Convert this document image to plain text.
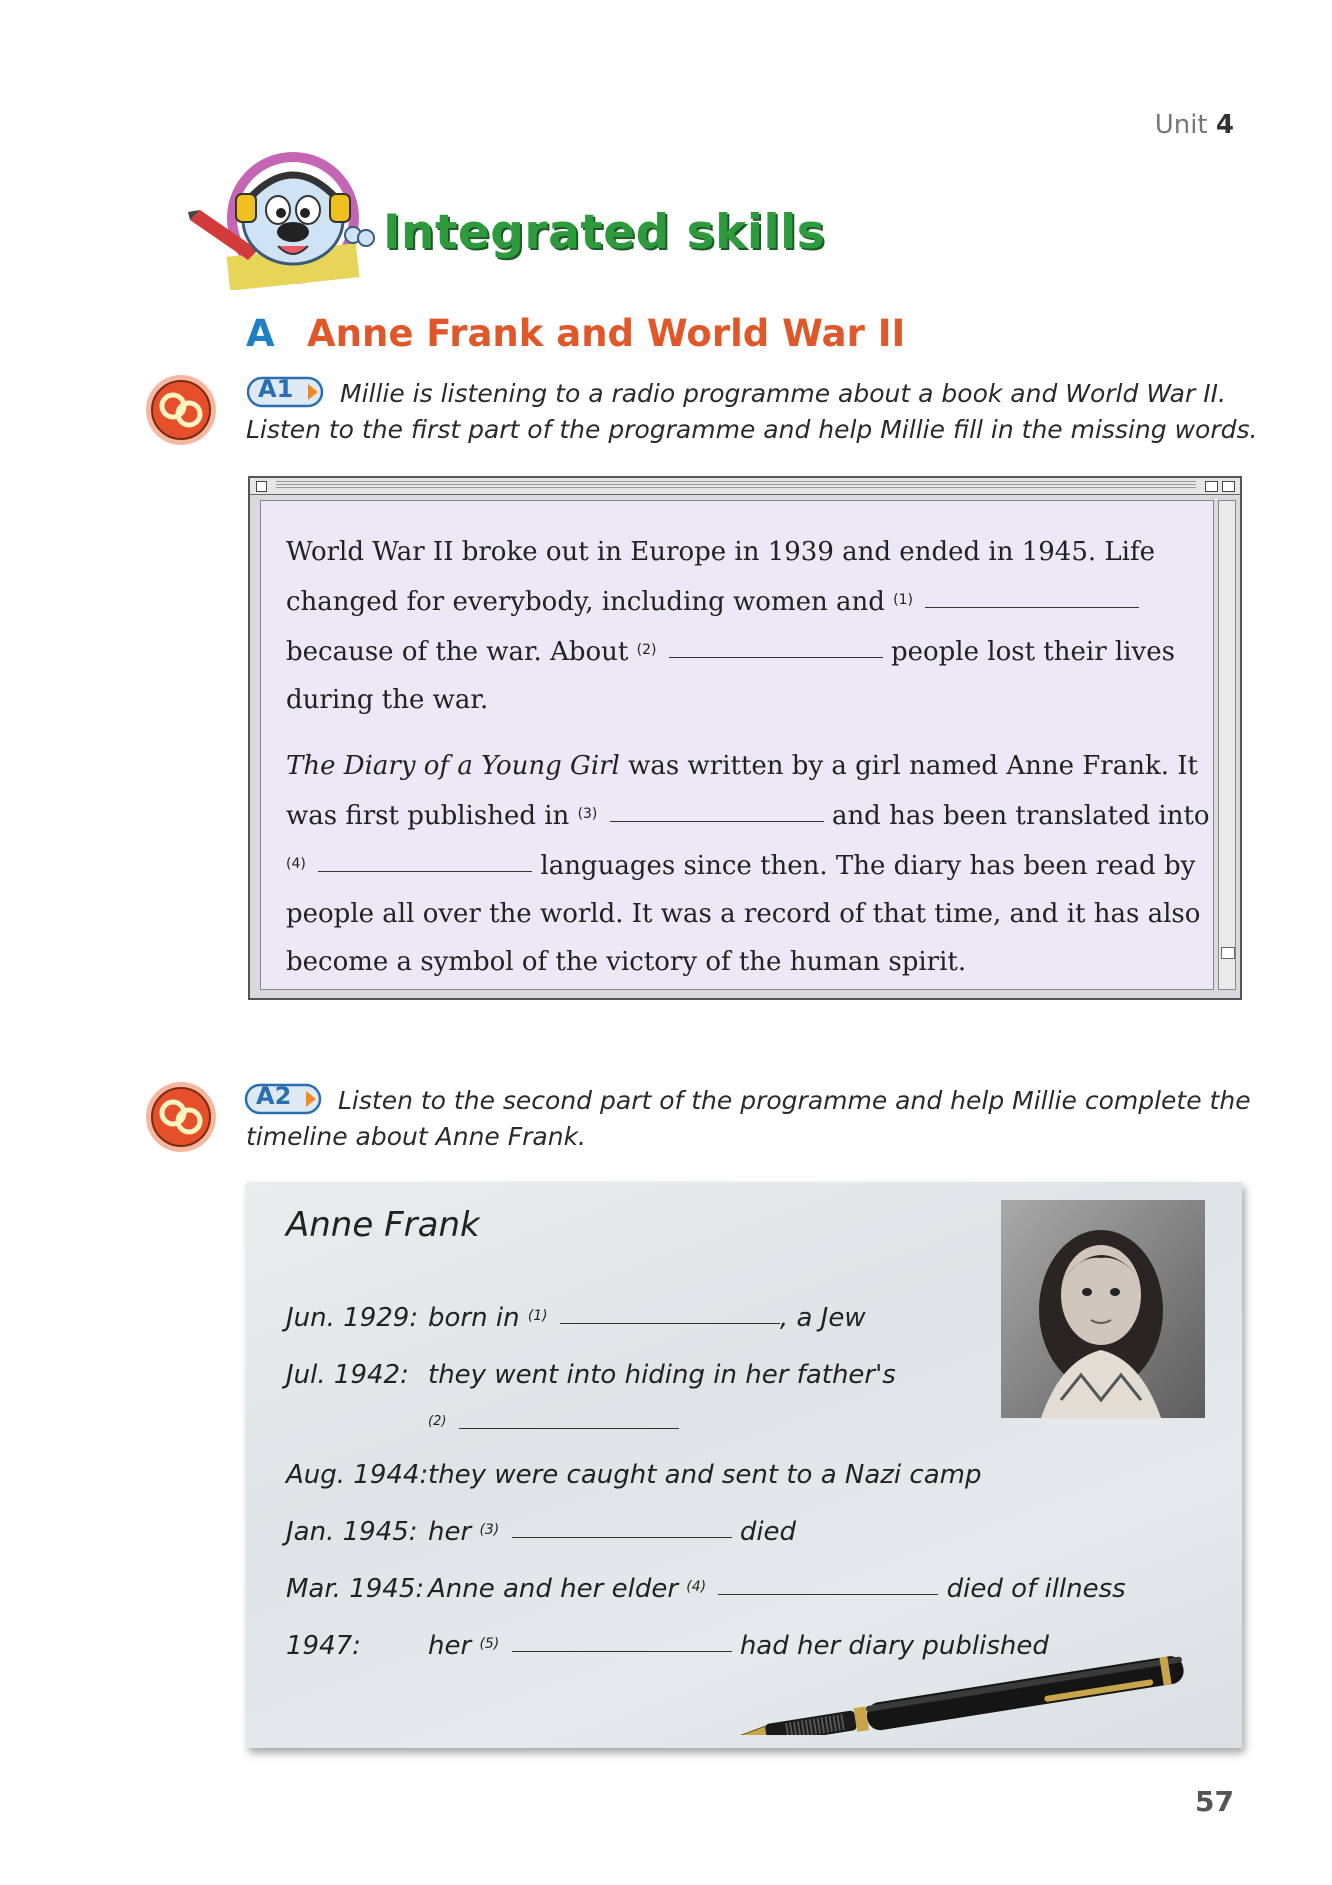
Unit 4
Integrated skills
A Anne Frank and World War II
A1 Millie is listening to a radio programme about a book and World War II.
Listen to the first part of the programme and help Millie fill in the missing words.

World War II broke out in Europe in 1939 and ended in 1945. Life
changed for everybody, including women and $^{(1)}$
because of the war. About $^{(2)}$	people lost their lives
during the war.

The Diary of a Young Girl was written by a girl named Anne Frank. It
was first published in $^{(3)}$	and has been translated into
$^{(4)}$	languages since then. The diary has been read by
people all over the world. It was a record of that time, and it has also
become a symbol of the victory of the human spirit.

A2 Listen to the second part of the programme and help Millie complete the
timeline about Anne Frank.
Anne Frank
Jun. 1929: born in $^{(1)}$	, a Jew
Jul. 1942: they went into hiding in her father's
$^{(2)}$
Aug. 1944: they were caught and sent to a Nazi camp
Jan. 1945: her $^{(3)}$	died
Mar. 1945: Anne and her elder $^{(4)}$	died of illness
1947:	her $^{(5)}$	had her diary published
57
